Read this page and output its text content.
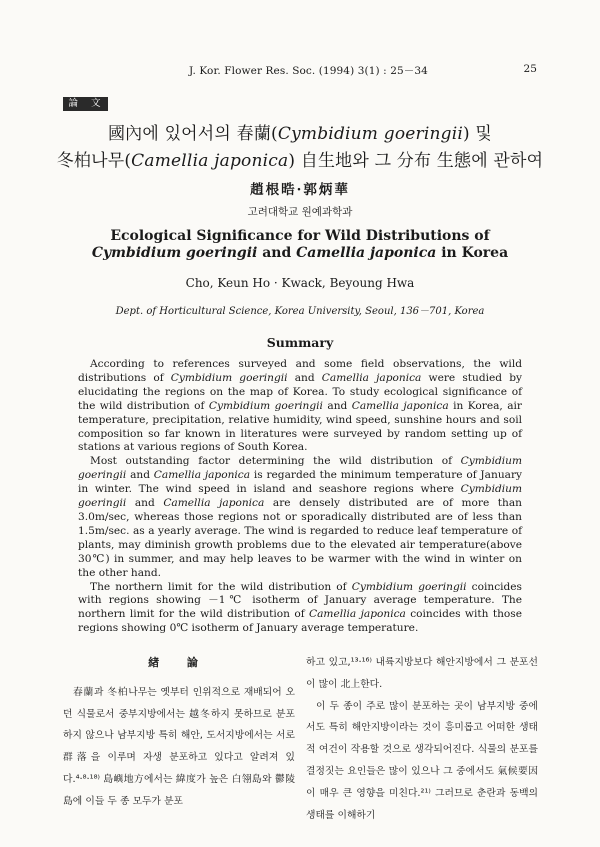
J. Kor. Flower Res. Soc. (1994) 3(1) : 25－34	25
論 文
國內에 있어서의 春蘭(Cymbidium goeringii) 및
冬柏나무(Camellia japonica) 自生地와 그 分布 生態에 관하여
趙根晧·郭炳華
고려대학교 원예과학과
Ecological Significance for Wild Distributions of
Cymbidium goeringii and Camellia japonica in Korea
Cho, Keun Ho · Kwack, Beyoung Hwa
Dept. of Horticultural Science, Korea University, Seoul, 136－701, Korea
Summary

According to references surveyed and some field observations, the wild distributions of Cymbidium goeringii and Camellia japonica were studied by elucidating the regions on the map of Korea. To study ecological significance of the wild distribution of Cymbidium goeringii and Camellia japonica in Korea, air temperature, precipitation, relative humidity, wind speed, sunshine hours and soil composition so far known in literatures were surveyed by random setting up of stations at various regions of South Korea.

Most outstanding factor determining the wild distribution of Cymbidium goeringii and Camellia japonica is regarded the minimum temperature of January in winter. The wind speed in island and seashore regions where Cymbidium goeringii and Camellia japonica are densely distributed are of more than 3.0m/sec, whereas those regions not or sporadically distributed are of less than 1.5m/sec. as a yearly average. The wind is regarded to reduce leaf temperature of plants, may diminish growth problems due to the elevated air temperature(above 30℃) in summer, and may help leaves to be warmer with the wind in winter on the other hand.

The northern limit for the wild distribution of Cymbidium goeringii coincides with regions showing －1℃ isotherm of January average temperature. The northern limit for the wild distribution of Camellia japonica coincides with those regions showing 0℃ isotherm of January average temperature.

緖 論

春蘭과 冬柏나무는 옛부터 인위적으로 재배되어 오던 식물로서 중부지방에서는 越冬하지 못하므로 분포하지 않으나 남부지방 특히 해안, 도서지방에서는 서로 群落을 이루며 자생 분포하고 있다고 알려져 있다.⁴·⁸·¹⁸⁾ 島嶼地方에서는 緯度가 높은 白翎島와 鬱陵島에 이들 두 종 모두가 분포

하고 있고,¹³·¹⁶⁾ 내륙지방보다 해안지방에서 그 분포선이 많이 北上한다.

이 두 종이 주로 많이 분포하는 곳이 남부지방 중에서도 특히 해안지방이라는 것이 흥미롭고 어떠한 생태적 여건이 작용할 것으로 생각되어진다. 식물의 분포를 결정짓는 요인들은 많이 있으나 그 중에서도 氣候要因이 매우 큰 영향을 미친다.²¹⁾ 그러므로 춘란과 동백의 생태를 이해하기
